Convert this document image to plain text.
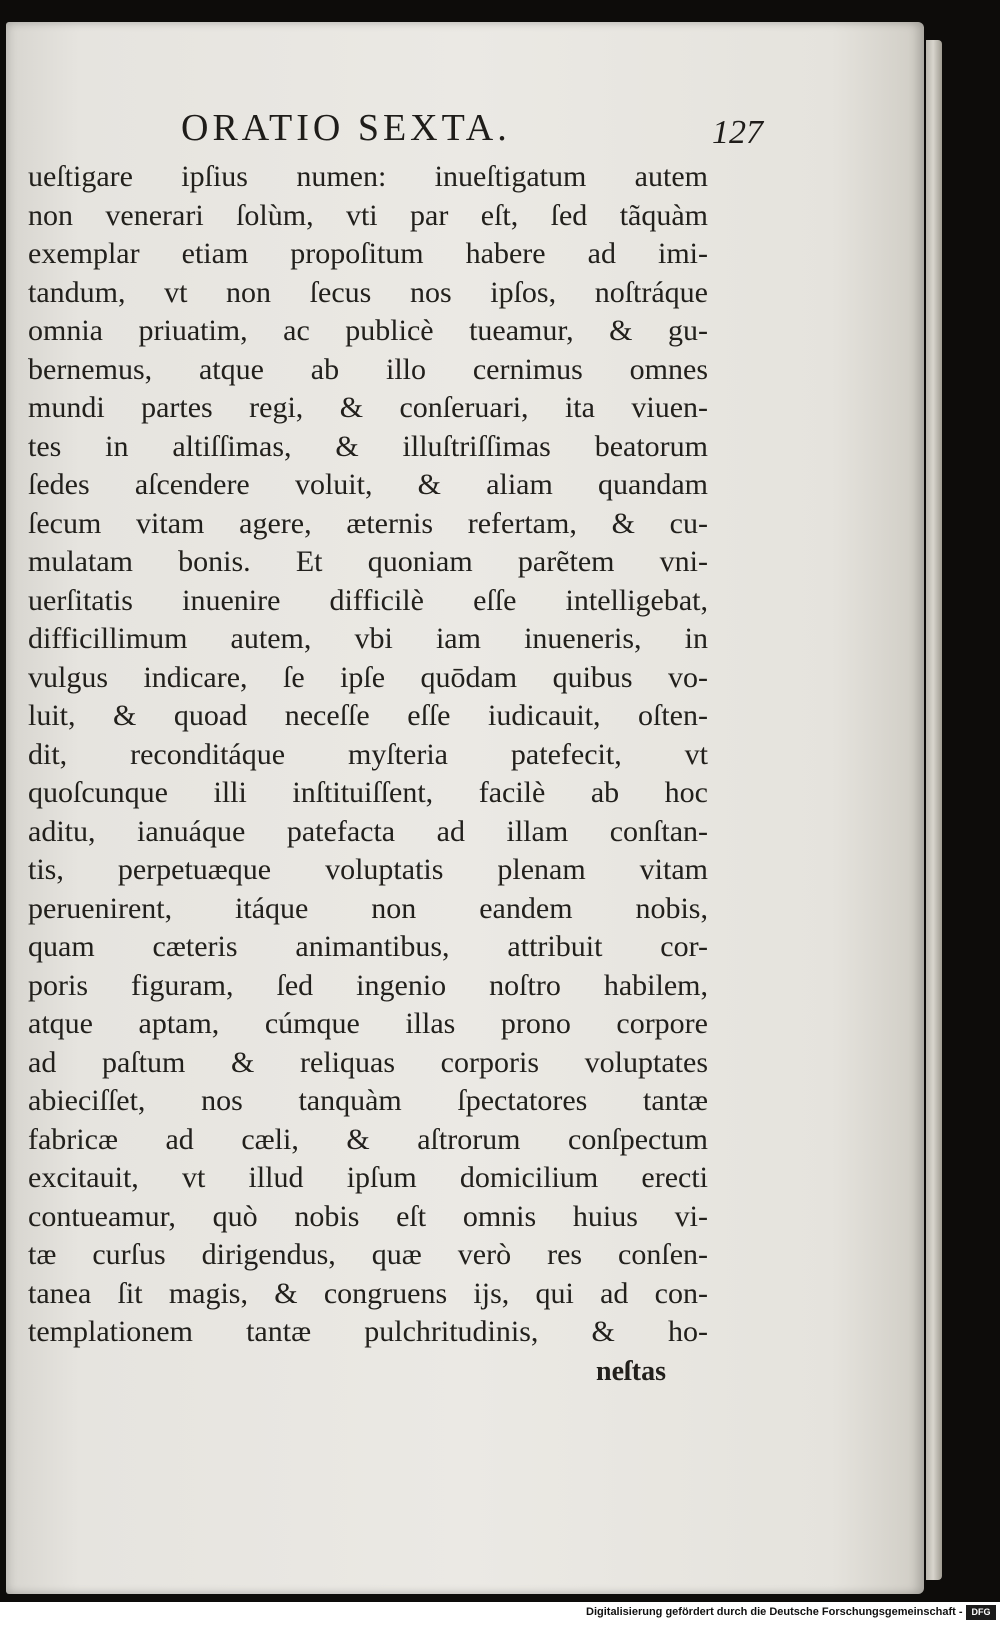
ORATIO SEXTA.	127
ueſtigare ipſius numen: inueſtigatum autem
non venerari ſolùm, vti par eſt, ſed tãquàm
exemplar etiam propoſitum habere ad imi-
tandum, vt non ſecus nos ipſos, noſtráque
omnia priuatim, ac publicè tueamur, & gu-
bernemus, atque ab illo cernimus omnes
mundi partes regi, & conſeruari, ita viuen-
tes in altiſſimas, & illuſtriſſimas beatorum
ſedes aſcendere voluit, & aliam quandam
ſecum vitam agere, æternis refertam, & cu-
mulatam bonis. Et quoniam parẽtem vni-
uerſitatis inuenire difficilè eſſe intelligebat,
difficillimum autem, vbi iam inueneris, in
vulgus indicare, ſe ipſe quōdam quibus vo-
luit, & quoad neceſſe eſſe iudicauit, oſten-
dit, reconditáque myſteria patefecit, vt
quoſcunque illi inſtituiſſent, facilè ab hoc
aditu, ianuáque patefacta ad illam conſtan-
tis, perpetuæque voluptatis plenam vitam
peruenirent, itáque non eandem nobis,
quam cæteris animantibus, attribuit cor-
poris figuram, ſed ingenio noſtro habilem,
atque aptam, cúmque illas prono corpore
ad paſtum & reliquas corporis voluptates
abieciſſet, nos tanquàm ſpectatores tantæ
fabricæ ad cæli, & aſtrorum conſpectum
excitauit, vt illud ipſum domicilium erecti
contueamur, quò nobis eſt omnis huius vi-
tæ curſus dirigendus, quæ verò res conſen-
tanea ſit magis, & congruens ijs, qui ad con-
templationem tantæ pulchritudinis, & ho-
neſtas
Digitalisierung gefördert durch die Deutsche Forschungsgemeinschaft - DFG
